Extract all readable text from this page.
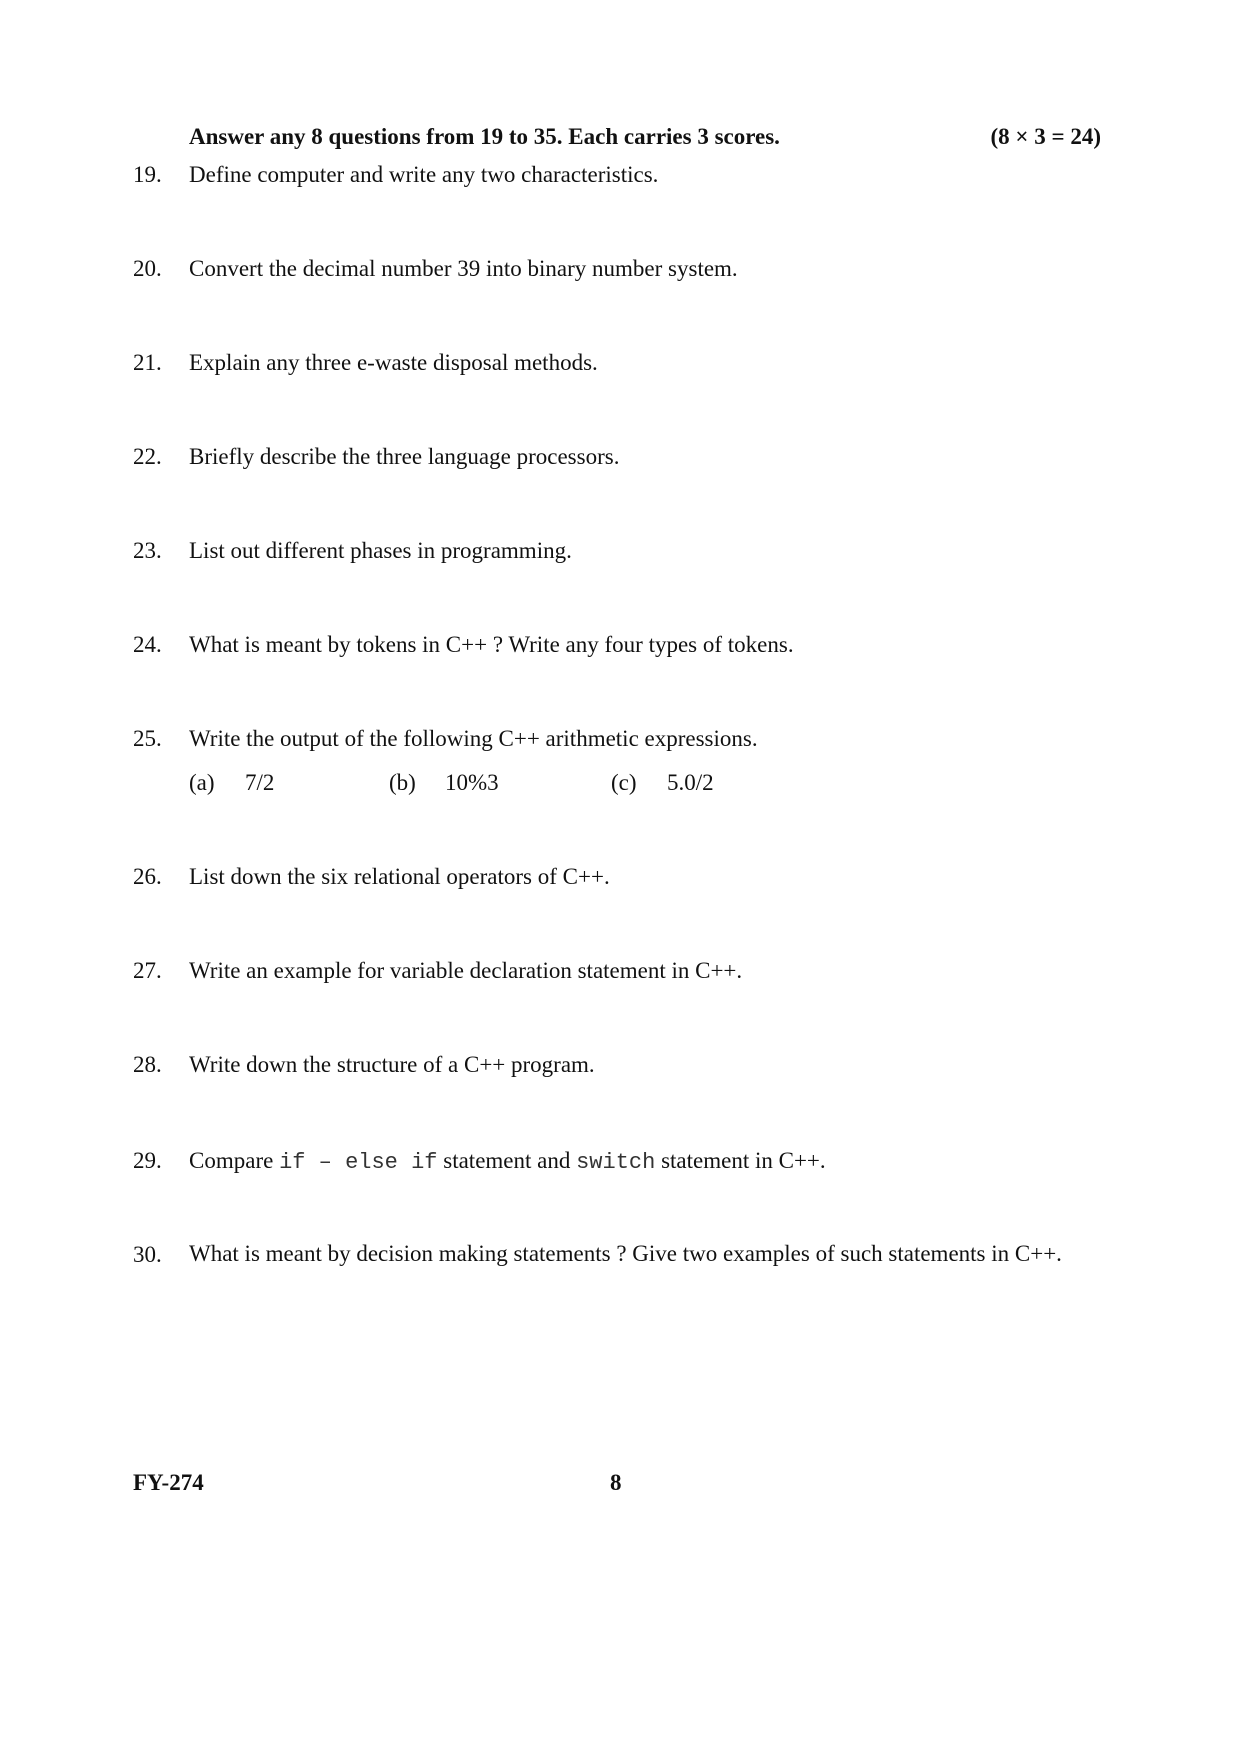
Answer any 8 questions from 19 to 35. Each carries 3 scores.	(8 × 3 = 24)
19. Define computer and write any two characteristics.
20. Convert the decimal number 39 into binary number system.
21. Explain any three e-waste disposal methods.
22. Briefly describe the three language processors.
23. List out different phases in programming.
24. What is meant by tokens in C++ ? Write any four types of tokens.
25. Write the output of the following C++ arithmetic expressions.
(a) 7/2	(b) 10%3	(c) 5.0/2
26. List down the six relational operators of C++.
27. Write an example for variable declaration statement in C++.
28. Write down the structure of a C++ program.
29. Compare if – else if statement and switch statement in C++.
30. What is meant by decision making statements ? Give two examples of such statements in C++.
FY-274	8
